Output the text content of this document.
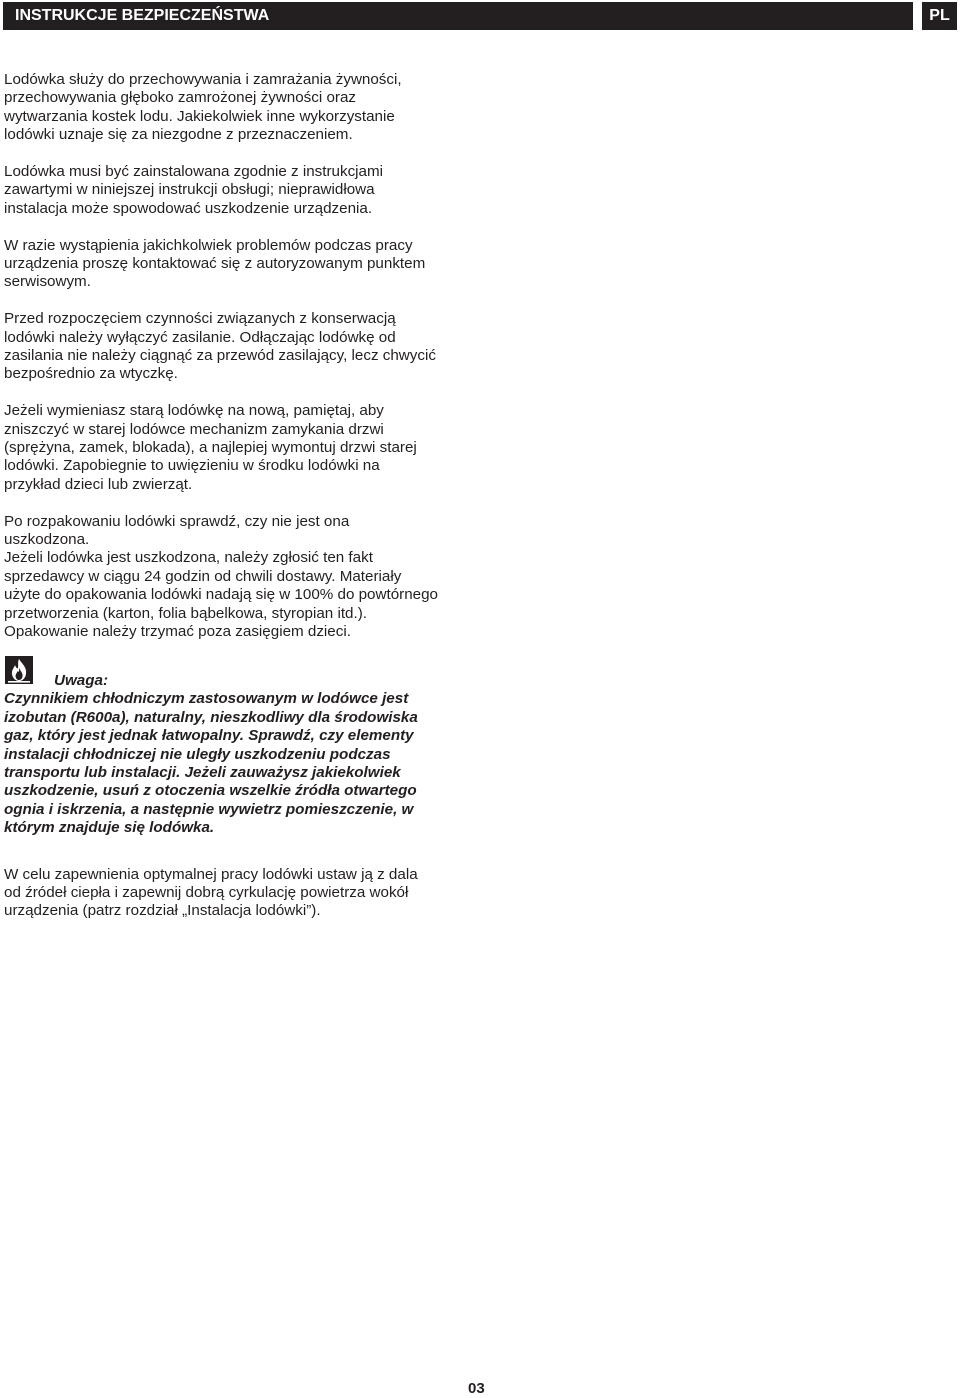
INSTRUKCJE BEZPIECZEŃSTWA	PL

Lodówka służy do przechowywania i zamrażania żywności,
przechowywania głęboko zamrożonej żywności oraz
wytwarzania kostek lodu. Jakiekolwiek inne wykorzystanie
lodówki uznaje się za niezgodne z przeznaczeniem.

Lodówka musi być zainstalowana zgodnie z instrukcjami
zawartymi w niniejszej instrukcji obsługi; nieprawidłowa
instalacja może spowodować uszkodzenie urządzenia.

W razie wystąpienia jakichkolwiek problemów podczas pracy
urządzenia proszę kontaktować się z autoryzowanym punktem
serwisowym.

Przed rozpoczęciem czynności związanych z konserwacją
lodówki należy wyłączyć zasilanie. Odłączając lodówkę od
zasilania nie należy ciągnąć za przewód zasilający, lecz chwycić
bezpośrednio za wtyczkę.

Jeżeli wymieniasz starą lodówkę na nową, pamiętaj, aby
zniszczyć w starej lodówce mechanizm zamykania drzwi
(sprężyna, zamek, blokada), a najlepiej wymontuj drzwi starej
lodówki. Zapobiegnie to uwięzieniu w środku lodówki na
przykład dzieci lub zwierząt.

Po rozpakowaniu lodówki sprawdź, czy nie jest ona
uszkodzona.
Jeżeli lodówka jest uszkodzona, należy zgłosić ten fakt
sprzedawcy w ciągu 24 godzin od chwili dostawy. Materiały
użyte do opakowania lodówki nadają się w 100% do powtórnego
przetworzenia (karton, folia bąbelkowa, styropian itd.).
Opakowanie należy trzymać poza zasięgiem dzieci.

Uwaga:

Czynnikiem chłodniczym zastosowanym w lodówce jest
izobutan (R600a), naturalny, nieszkodliwy dla środowiska
gaz, który jest jednak łatwopalny. Sprawdź, czy elementy
instalacji chłodniczej nie uległy uszkodzeniu podczas
transportu lub instalacji. Jeżeli zauważysz jakiekolwiek
uszkodzenie, usuń z otoczenia wszelkie źródła otwartego
ognia i iskrzenia, a następnie wywietrz pomieszczenie, w
którym znajduje się lodówka.

W celu zapewnienia optymalnej pracy lodówki ustaw ją z dala
od źródeł ciepła i zapewnij dobrą cyrkulację powietrza wokół
urządzenia (patrz rozdział „Instalacja lodówki”).

03
